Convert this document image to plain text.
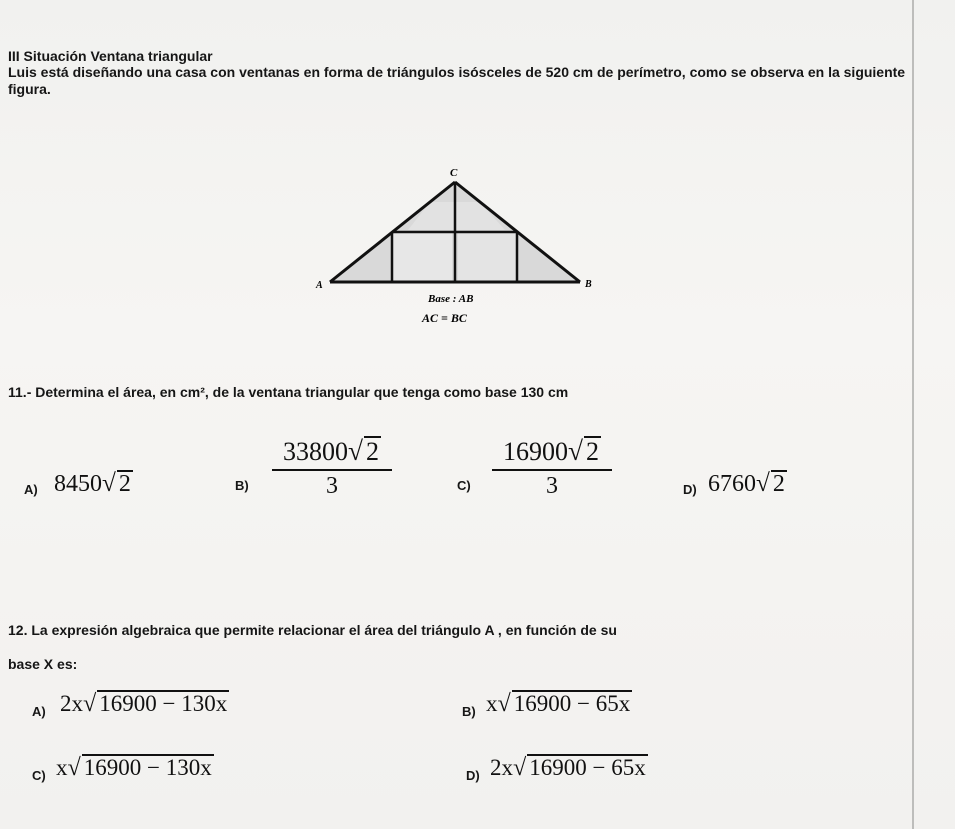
III Situación Ventana triangular
Luis está diseñando una casa con ventanas en forma de triángulos isósceles de 520 cm de perímetro, como se observa en la siguiente figura.
C
A	B
Base : AB
AC = BC
11.- Determina el área, en cm², de la ventana triangular que tenga como base 130 cm
A) 8450√ 2	B)
33800√ 2
3	C)
16900√ 2
3	D) 6760√ 2
12. La expresión algebraica que permite relacionar el área del triángulo A , en función de su
base X es:
A) 2x√ 16900 − 130x	B) x√ 16900 − 65x
C) x√ 16900 − 130x	D) 2x√ 16900 − 65x
